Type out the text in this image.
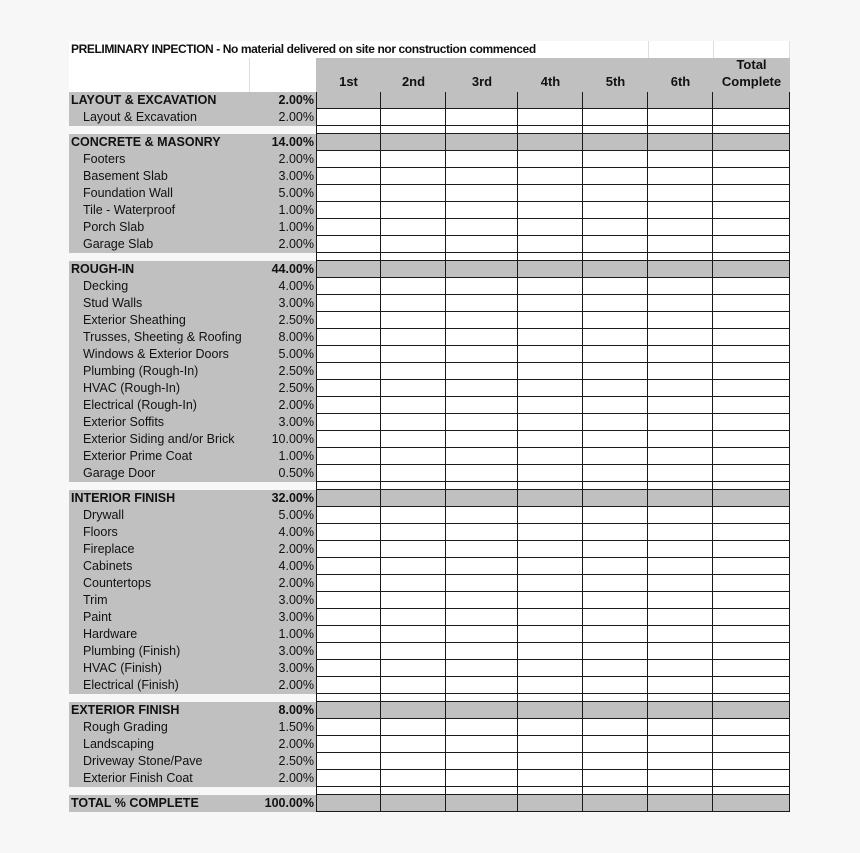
PRELIMINARY INPECTION - No material delivered on site nor construction commenced
1st	2nd	3rd	4th	5th	6th
Total
Complete
LAYOUT & EXCAVATION	2.00%
Layout & Excavation	2.00%
CONCRETE & MASONRY	14.00%
Footers	2.00%
Basement Slab	3.00%
Foundation Wall	5.00%
Tile - Waterproof	1.00%
Porch Slab	1.00%
Garage Slab	2.00%
ROUGH-IN	44.00%
Decking	4.00%
Stud Walls	3.00%
Exterior Sheathing	2.50%
Trusses, Sheeting & Roofing	8.00%
Windows & Exterior Doors	5.00%
Plumbing (Rough-In)	2.50%
HVAC (Rough-In)	2.50%
Electrical (Rough-In)	2.00%
Exterior Soffits	3.00%
Exterior Siding and/or Brick	10.00%
Exterior Prime Coat	1.00%
Garage Door	0.50%
INTERIOR FINISH	32.00%
Drywall	5.00%
Floors	4.00%
Fireplace	2.00%
Cabinets	4.00%
Countertops	2.00%
Trim	3.00%
Paint	3.00%
Hardware	1.00%
Plumbing (Finish)	3.00%
HVAC (Finish)	3.00%
Electrical (Finish)	2.00%
EXTERIOR FINISH	8.00%
Rough Grading	1.50%
Landscaping	2.00%
Driveway Stone/Pave	2.50%
Exterior Finish Coat	2.00%
TOTAL % COMPLETE	100.00%
